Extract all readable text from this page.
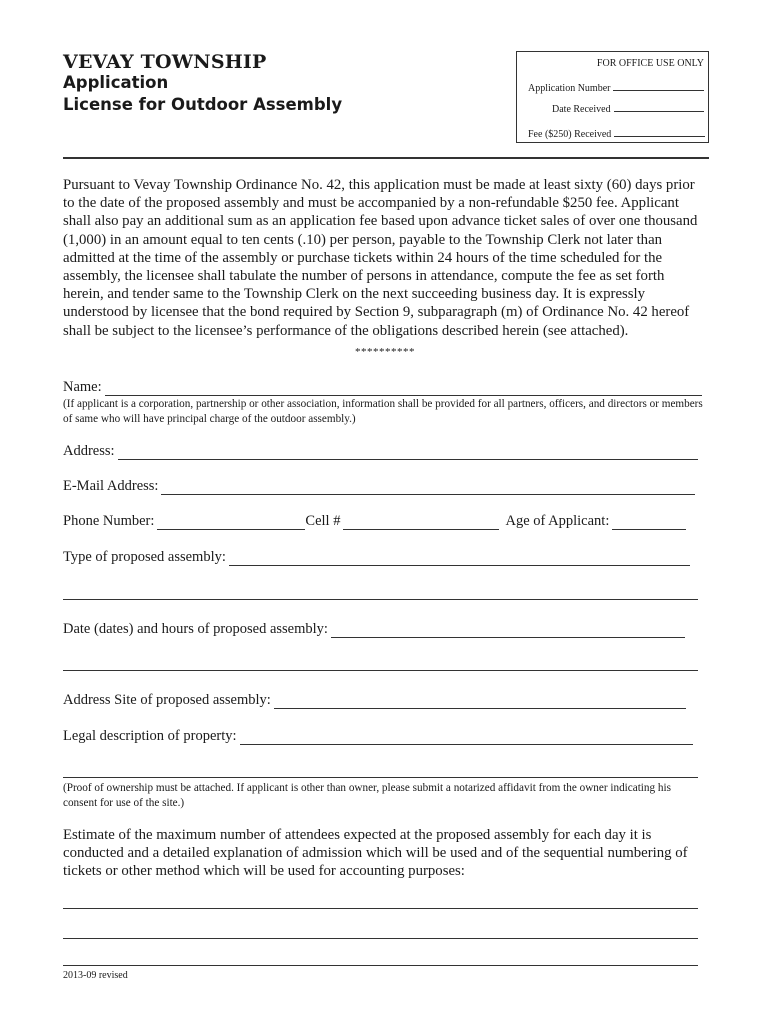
VEVAY TOWNSHIP
Application
License for Outdoor Assembly
FOR OFFICE USE ONLY
Application Number
Date Received
Fee ($250) Received
Pursuant to Vevay Township Ordinance No. 42, this application must be made at least sixty (60) days prior to the date of the proposed assembly and must be accompanied by a non-refundable $250 fee. Applicant shall also pay an additional sum as an application fee based upon advance ticket sales of over one thousand (1,000) in an amount equal to ten cents (.10) per person, payable to the Township Clerk not later than admitted at the time of the assembly or purchase tickets within 24 hours of the time scheduled for the assembly, the licensee shall tabulate the number of persons in attendance, compute the fee as set forth herein, and tender same to the Township Clerk on the next succeeding business day. It is expressly understood by licensee that the bond required by Section 9, subparagraph (m) of Ordinance No. 42 hereof shall be subject to the licensee’s performance of the obligations described herein (see attached).
**********
Name:
(If applicant is a corporation, partnership or other association, information shall be provided for all partners, officers, and directors or members of same who will have principal charge of the outdoor assembly.)
Address:
E-Mail Address:
Phone Number:	Cell #	Age of Applicant:
Type of proposed assembly:
Date (dates) and hours of proposed assembly:
Address Site of proposed assembly:
Legal description of property:
(Proof of ownership must be attached. If applicant is other than owner, please submit a notarized affidavit from the owner indicating his consent for use of the site.)
Estimate of the maximum number of attendees expected at the proposed assembly for each day it is conducted and a detailed explanation of admission which will be used and of the sequential numbering of tickets or other method which will be used for accounting purposes:
2013-09 revised
